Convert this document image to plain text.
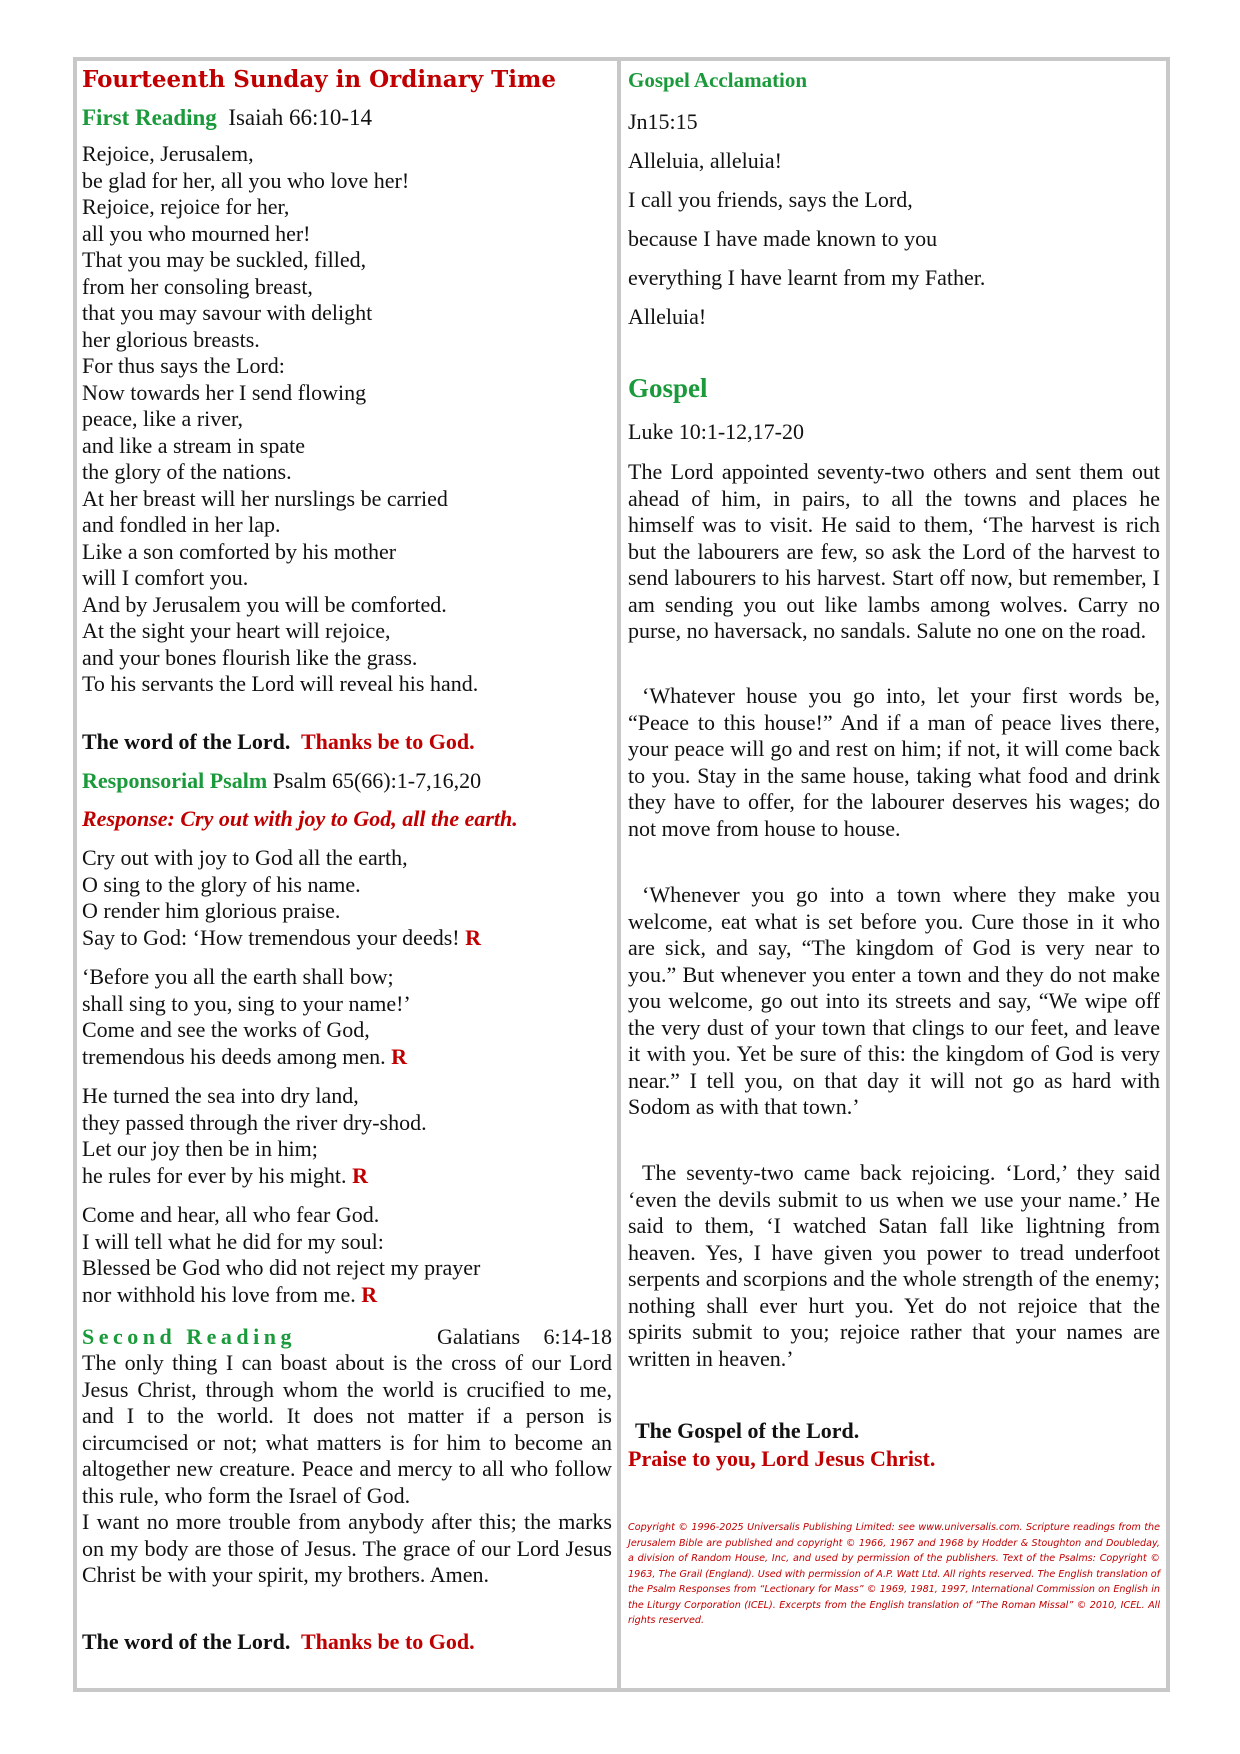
Fourteenth Sunday in Ordinary Time
First Reading Isaiah 66:10-14
Rejoice, Jerusalem,
be glad for her, all you who love her!
Rejoice, rejoice for her,
all you who mourned her!
That you may be suckled, filled,
from her consoling breast,
that you may savour with delight
her glorious breasts.
For thus says the Lord:
Now towards her I send flowing
peace, like a river,
and like a stream in spate
the glory of the nations.
At her breast will her nurslings be carried
and fondled in her lap.
Like a son comforted by his mother
will I comfort you.
And by Jerusalem you will be comforted.
At the sight your heart will rejoice,
and your bones flourish like the grass.
To his servants the Lord will reveal his hand.
The word of the Lord. Thanks be to God.
Responsorial Psalm Psalm 65(66):1-7,16,20
Response: Cry out with joy to God, all the earth.
Cry out with joy to God all the earth,
O sing to the glory of his name.
O render him glorious praise.
Say to God: ‘How tremendous your deeds! R
‘Before you all the earth shall bow;
shall sing to you, sing to your name!’
Come and see the works of God,
tremendous his deeds among men. R
He turned the sea into dry land,
they passed through the river dry-shod.
Let our joy then be in him;
he rules for ever by his might. R
Come and hear, all who fear God.
I will tell what he did for my soul:
Blessed be God who did not reject my prayer
nor withhold his love from me. R
Second Reading	Galatians 6:14-18
The only thing I can boast about is the cross of our Lord Jesus Christ, through whom the world is crucified to me, and I to the world. It does not matter if a person is circumcised or not; what matters is for him to become an altogether new creature. Peace and mercy to all who follow this rule, who form the Israel of God.
I want no more trouble from anybody after this; the marks on my body are those of Jesus. The grace of our Lord Jesus Christ be with your spirit, my brothers. Amen.
The word of the Lord. Thanks be to God.
Gospel Acclamation
Jn15:15
Alleluia, alleluia!
I call you friends, says the Lord,
because I have made known to you
everything I have learnt from my Father.
Alleluia!
Gospel
Luke 10:1-12,17-20
The Lord appointed seventy-two others and sent them out ahead of him, in pairs, to all the towns and places he himself was to visit. He said to them, ‘The harvest is rich but the labourers are few, so ask the Lord of the harvest to send labourers to his harvest. Start off now, but remember, I am sending you out like lambs among wolves. Carry no purse, no haversack, no sandals. Salute no one on the road.
‘Whatever house you go into, let your first words be, “Peace to this house!” And if a man of peace lives there, your peace will go and rest on him; if not, it will come back to you. Stay in the same house, taking what food and drink they have to offer, for the labourer deserves his wages; do not move from house to house.
‘Whenever you go into a town where they make you welcome, eat what is set before you. Cure those in it who are sick, and say, “The kingdom of God is very near to you.” But whenever you enter a town and they do not make you welcome, go out into its streets and say, “We wipe off the very dust of your town that clings to our feet, and leave it with you. Yet be sure of this: the kingdom of God is very near.” I tell you, on that day it will not go as hard with Sodom as with that town.’
The seventy-two came back rejoicing. ‘Lord,’ they said ‘even the devils submit to us when we use your name.’ He said to them, ‘I watched Satan fall like lightning from heaven. Yes, I have given you power to tread underfoot serpents and scorpions and the whole strength of the enemy; nothing shall ever hurt you. Yet do not rejoice that the spirits submit to you; rejoice rather that your names are written in heaven.’
The Gospel of the Lord.
Praise to you, Lord Jesus Christ.
Copyright © 1996-2025 Universalis Publishing Limited: see www.universalis.com. Scripture readings from the Jerusalem Bible are published and copyright © 1966, 1967 and 1968 by Hodder & Stoughton and Doubleday, a division of Random House, Inc, and used by permission of the publishers. Text of the Psalms: Copyright © 1963, The Grail (England). Used with permission of A.P. Watt Ltd. All rights reserved. The English translation of the Psalm Responses from “Lectionary for Mass” © 1969, 1981, 1997, International Commission on English in the Liturgy Corporation (ICEL). Excerpts from the English translation of “The Roman Missal” © 2010, ICEL. All rights reserved.
